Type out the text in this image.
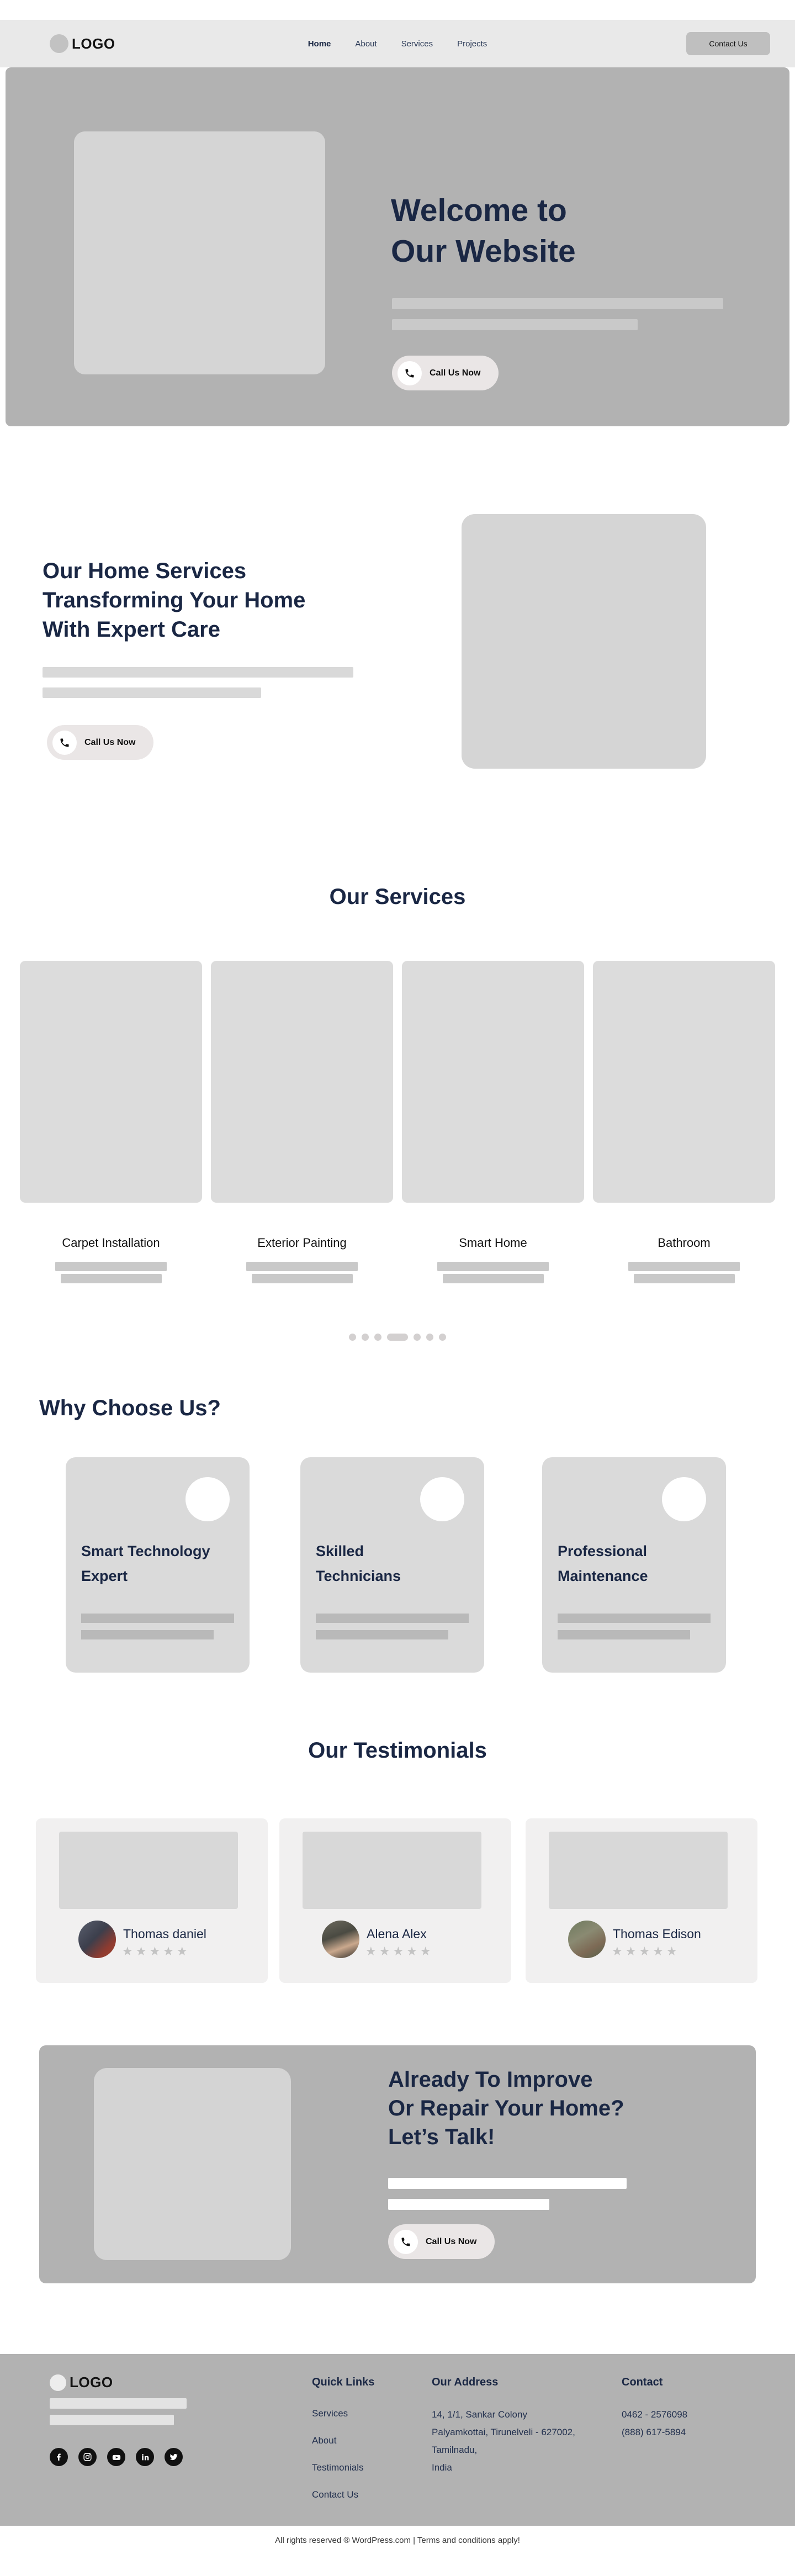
LOGO	Home	About	Services	Projects	Contact Us
Welcome to
Our Website
Call Us Now
Our Home Services
Transforming Your Home
With Expert Care
Call Us Now
Our Services
Carpet Installation	Exterior Painting	Smart Home	Bathroom
Why Choose Us?
Smart Technology
Expert
Skilled
Technicians
Professional
Maintenance
Our Testimonials
Thomas daniel
★★★★★
Alena Alex
★★★★★
Thomas Edison
★★★★★
Already To Improve
Or Repair Your Home?
Let’s Talk!
Call Us Now
LOGO	Quick Links
Services
About
Testimonials
Contact Us
Our Address
14, 1/1, Sankar Colony
Palyamkottai, Tirunelveli - 627002,
Tamilnadu,
India
Contact
0462 - 2576098
(888) 617-5894
All rights reserved ® WordPress.com | Terms and conditions apply!
